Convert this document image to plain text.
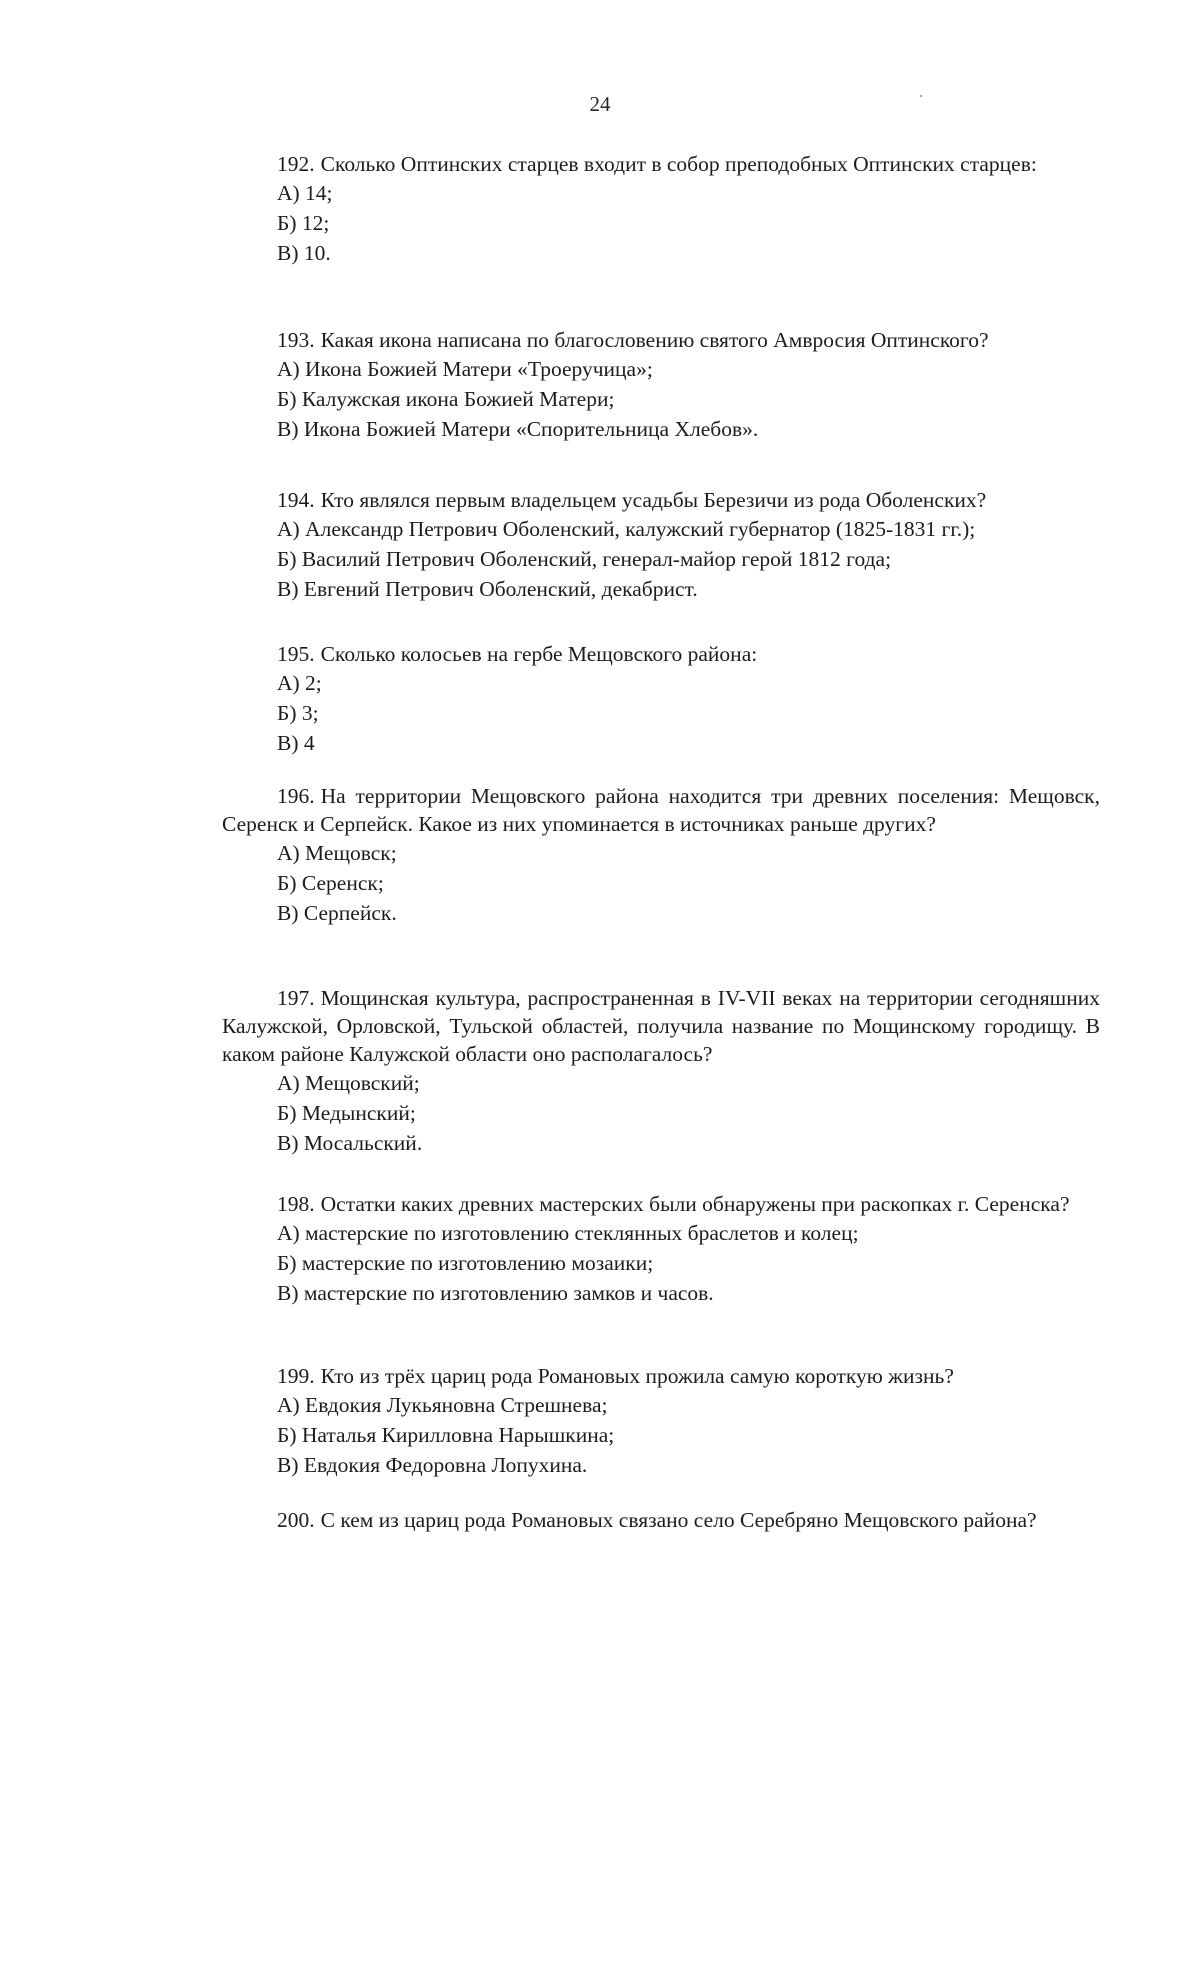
24

192. Сколько Оптинских старцев входит в собор преподобных Оптинских старцев:

А) 14;
Б) 12;
В) 10.

193. Какая икона написана по благословению святого Амвросия Оптинского?

А) Икона Божией Матери «Троеручица»;
Б) Калужская икона Божией Матери;
В) Икона Божией Матери «Спорительница Хлебов».

194. Кто являлся первым владельцем усадьбы Березичи из рода Оболенских?

А) Александр Петрович Оболенский, калужский губернатор (1825-1831 гг.);
Б) Василий Петрович Оболенский, генерал-майор герой 1812 года;
В) Евгений Петрович Оболенский, декабрист.

195. Сколько колосьев на гербе Мещовского района:

А) 2;
Б) 3;
В) 4

196. На территории Мещовского района находится три древних поселения: Мещовск, Серенск и Серпейск. Какое из них упоминается в источниках раньше других?

А) Мещовск;
Б) Серенск;
В) Серпейск.

197. Мощинская культура, распространенная в IV-VII веках на территории сегодняшних Калужской, Орловской, Тульской областей, получила название по Мощинскому городищу. В каком районе Калужской области оно располагалось?

А) Мещовский;
Б) Медынский;
В) Мосальский.

198. Остатки каких древних мастерских были обнаружены при раскопках г. Серенска?

А) мастерские по изготовлению стеклянных браслетов и колец;
Б) мастерские по изготовлению мозаики;
В) мастерские по изготовлению замков и часов.

199. Кто из трёх цариц рода Романовых прожила самую короткую жизнь?

А) Евдокия Лукьяновна Стрешнева;
Б) Наталья Кирилловна Нарышкина;
В) Евдокия Федоровна Лопухина.

200. С кем из цариц рода Романовых связано село Серебряно Мещовского района?
